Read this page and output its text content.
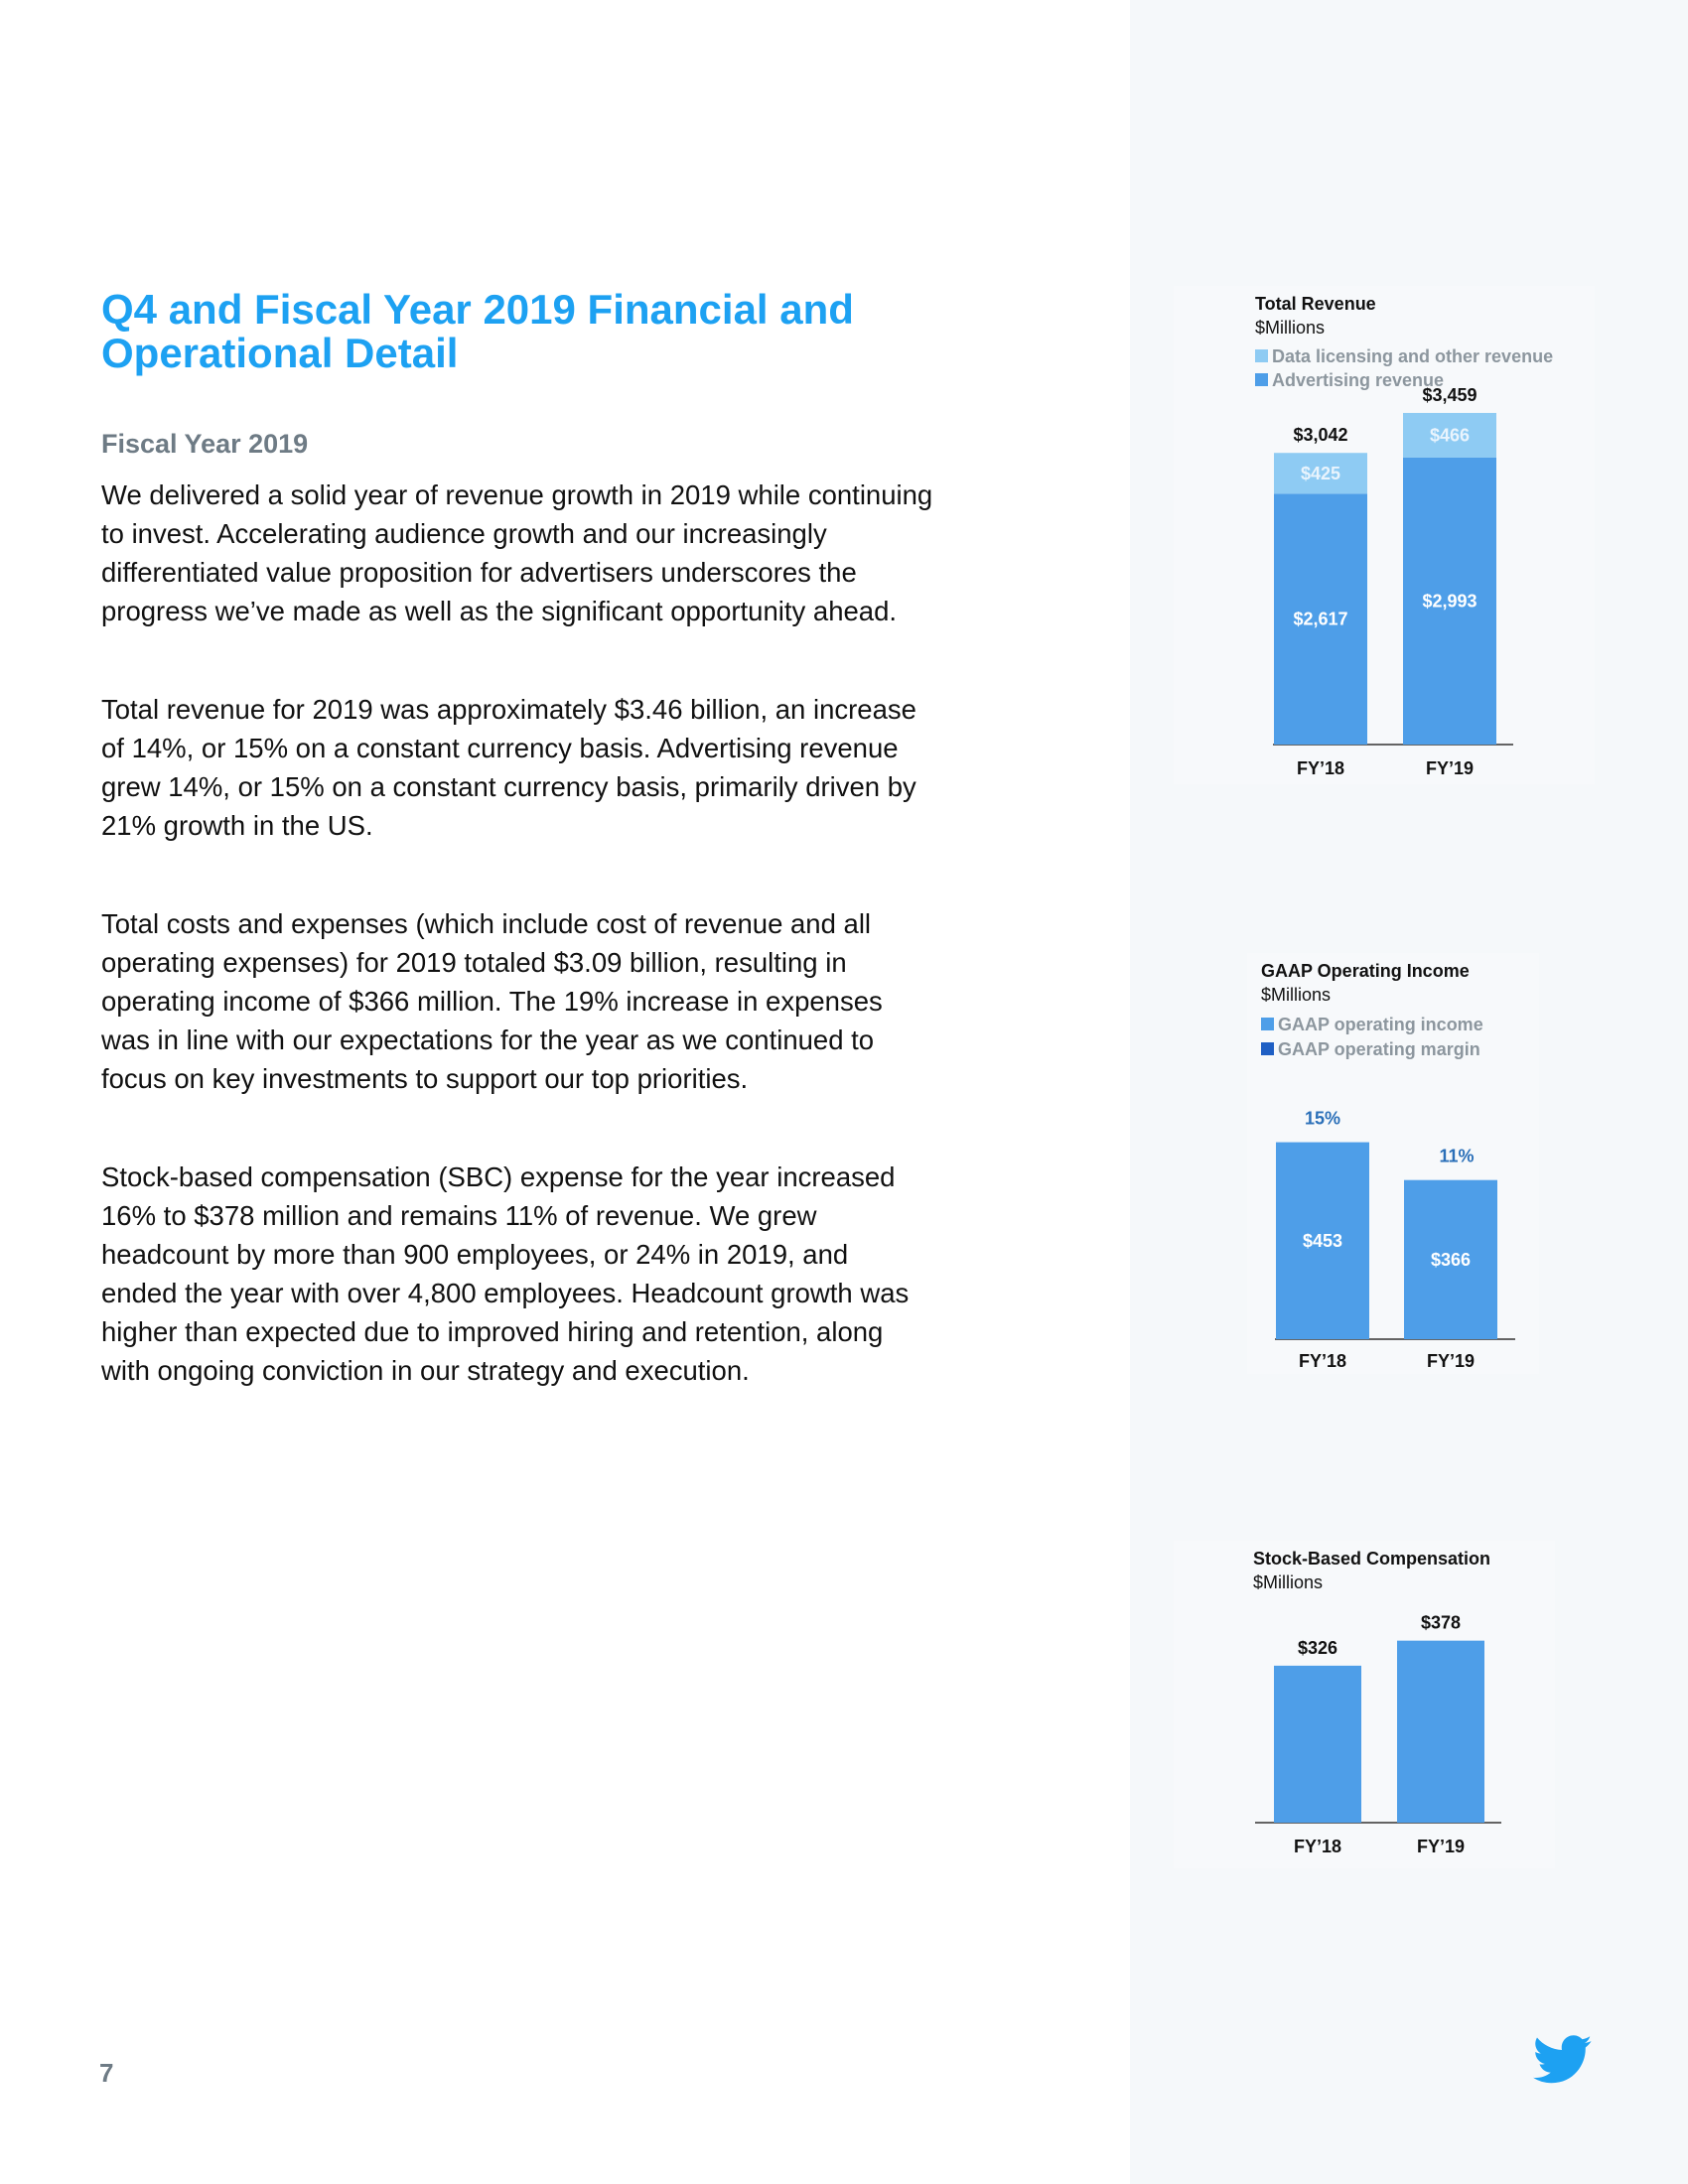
Q4 and Fiscal Year 2019 Financial and
Operational Detail
Fiscal Year 2019

We delivered a solid year of revenue growth in 2019 while continuing
to invest. Accelerating audience growth and our increasingly
differentiated value proposition for advertisers underscores the
progress we’ve made as well as the significant opportunity ahead.

Total revenue for 2019 was approximately $3.46 billion, an increase
of 14%, or 15% on a constant currency basis. Advertising revenue
grew 14%, or 15% on a constant currency basis, primarily driven by
21% growth in the US.

Total costs and expenses (which include cost of revenue and all
operating expenses) for 2019 totaled $3.09 billion, resulting in
operating income of $366 million. The 19% increase in expenses
was in line with our expectations for the year as we continued to
focus on key investments to support our top priorities.

Stock-based compensation (SBC) expense for the year increased
16% to $378 million and remains 11% of revenue. We grew
headcount by more than 900 employees, or 24% in 2019, and
ended the year with over 4,800 employees. Headcount growth was
higher than expected due to improved hiring and retention, along
with ongoing conviction in our strategy and execution.

7
Total Revenue
$Millions
Data licensing and other revenue
Advertising revenue
$2,617
$425
$3,042
FY’18
$2,993
$466
$3,459
FY’19
GAAP Operating Income
$Millions
GAAP operating income
GAAP operating margin
$453
15%
FY’18
$366
11%
FY’19
Stock-Based Compensation
$Millions
$326
FY’18
$378
FY’19
